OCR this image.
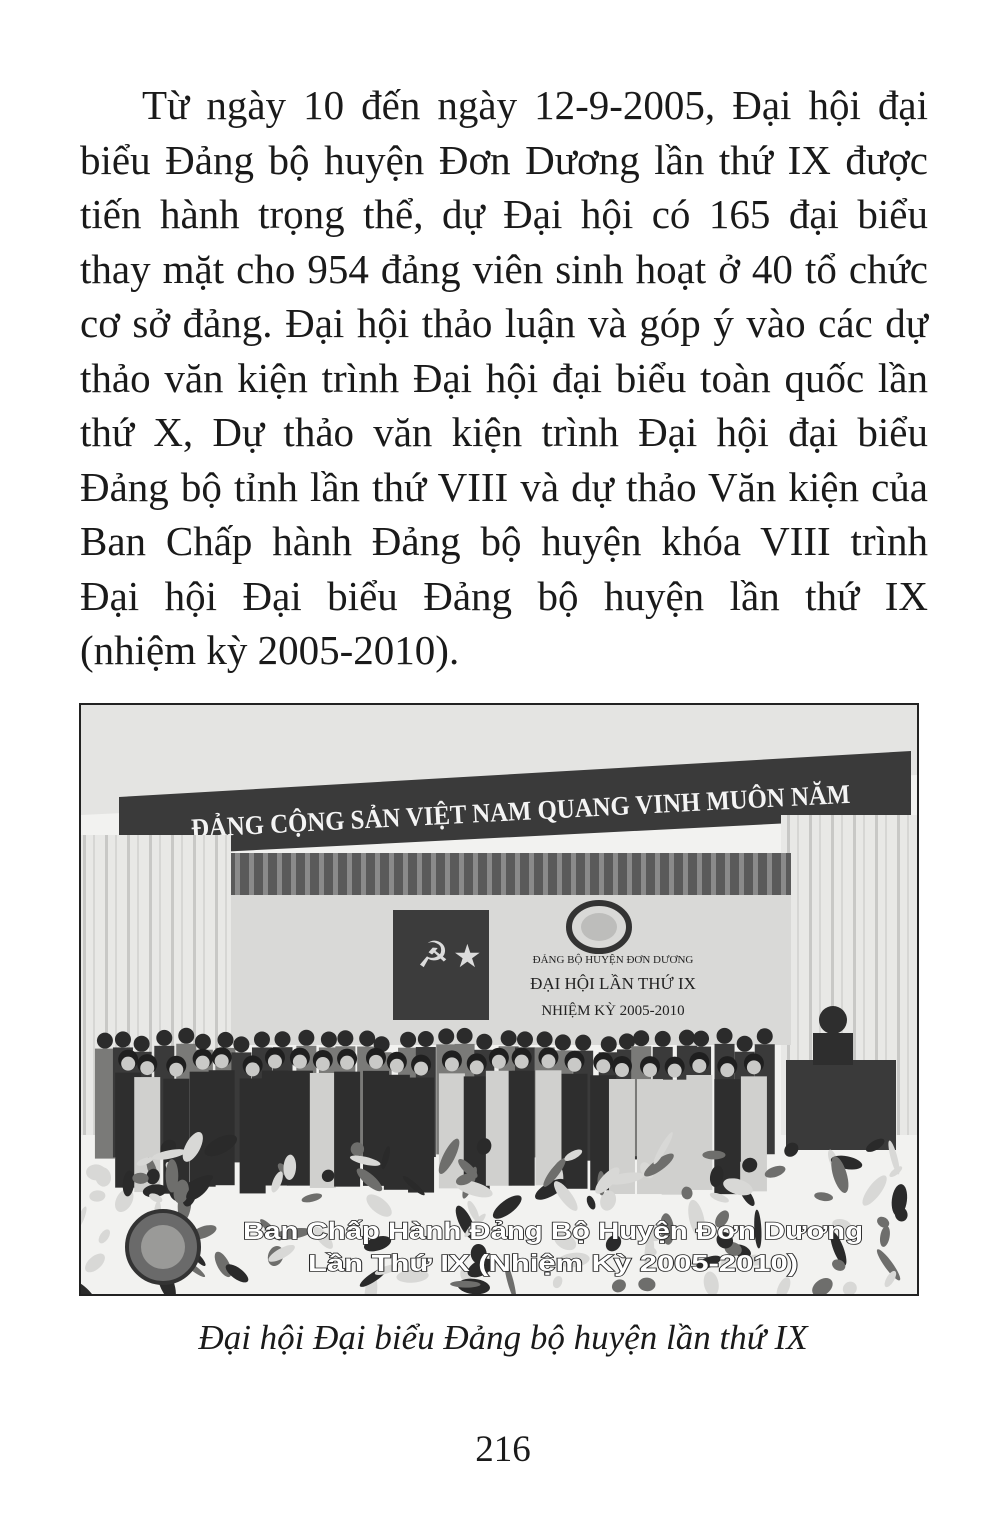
Từ ngày 10 đến ngày 12-9-2005, Đại hội đại
biểu Đảng bộ huyện Đơn Dương lần thứ IX được
tiến hành trọng thể, dự Đại hội có 165 đại biểu
thay mặt cho 954 đảng viên sinh hoạt ở 40 tổ chức
cơ sở đảng. Đại hội thảo luận và góp ý vào các dự
thảo văn kiện trình Đại hội đại biểu toàn quốc lần
thứ X, Dự thảo văn kiện trình Đại hội đại biểu
Đảng bộ tỉnh lần thứ VIII và dự thảo Văn kiện của
Ban Chấp hành Đảng bộ huyện khóa VIII trình
Đại hội Đại biểu Đảng bộ huyện lần thứ IX
(nhiệm kỳ 2005-2010).
ĐẢNG CỘNG SẢN VIỆT NAM QUANG VINH MUÔN NĂM
☭ ★	ĐẢNG BỘ HUYỆN ĐƠN DƯƠNG
ĐẠI HỘI LẦN THỨ IX
NHIỆM KỲ 2005-2010
Ban Chấp Hành Đảng Bộ Huyện Đơn Dương
Lần Thứ IX (Nhiệm Kỳ 2005-2010)
Đại hội Đại biểu Đảng bộ huyện lần thứ IX
216
